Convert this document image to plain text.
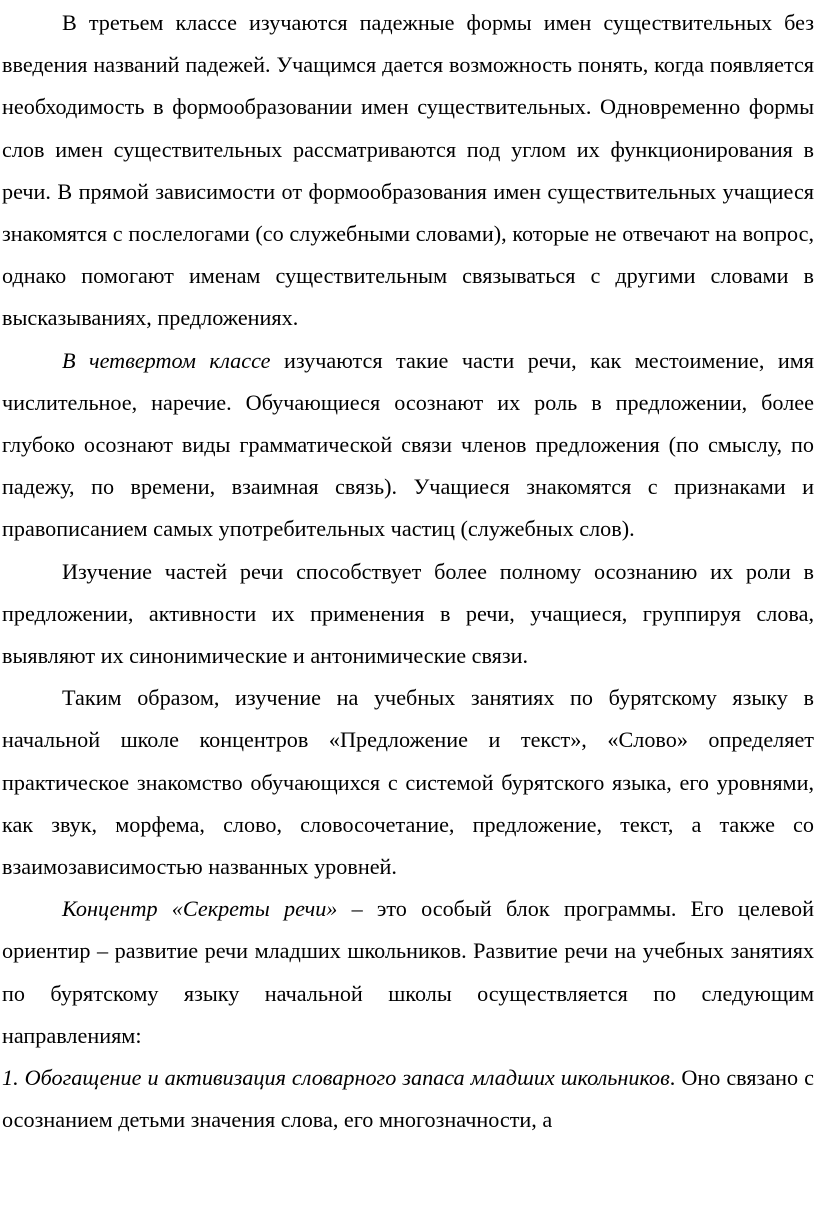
В третьем классе изучаются падежные формы имен существительных без введения названий падежей. Учащимся дается возможность понять, когда появляется необходимость в формообразовании имен существительных. Одновременно формы слов имен существительных рассматриваются под углом их функционирования в речи. В прямой зависимости от формообразования имен существительных учащиеся знакомятся с послелогами (со служебными словами), которые не отвечают на вопрос, однако помогают именам существительным связываться с другими словами в высказываниях, предложениях.

В четвертом классе изучаются такие части речи, как местоимение, имя числительное, наречие. Обучающиеся осознают их роль в предложении, более глубоко осознают виды грамматической связи членов предложения (по смыслу, по падежу, по времени, взаимная связь). Учащиеся знакомятся с признаками и правописанием самых употребительных частиц (служебных слов).

Изучение частей речи способствует более полному осознанию их роли в предложении, активности их применения в речи, учащиеся, группируя слова, выявляют их синонимические и антонимические связи.

Таким образом, изучение на учебных занятиях по бурятскому языку в начальной школе концентров «Предложение и текст», «Слово» определяет практическое знакомство обучающихся с системой бурятского языка, его уровнями, как звук, морфема, слово, словосочетание, предложение, текст, а также со взаимозависимостью названных уровней.

Концентр «Секреты речи» – это особый блок программы. Его целевой ориентир – развитие речи младших школьников. Развитие речи на учебных занятиях по бурятскому языку начальной школы осуществляется по следующим направлениям:

1. Обогащение и активизация словарного запаса младших школьников. Оно связано с осознанием детьми значения слова, его многозначности, а
